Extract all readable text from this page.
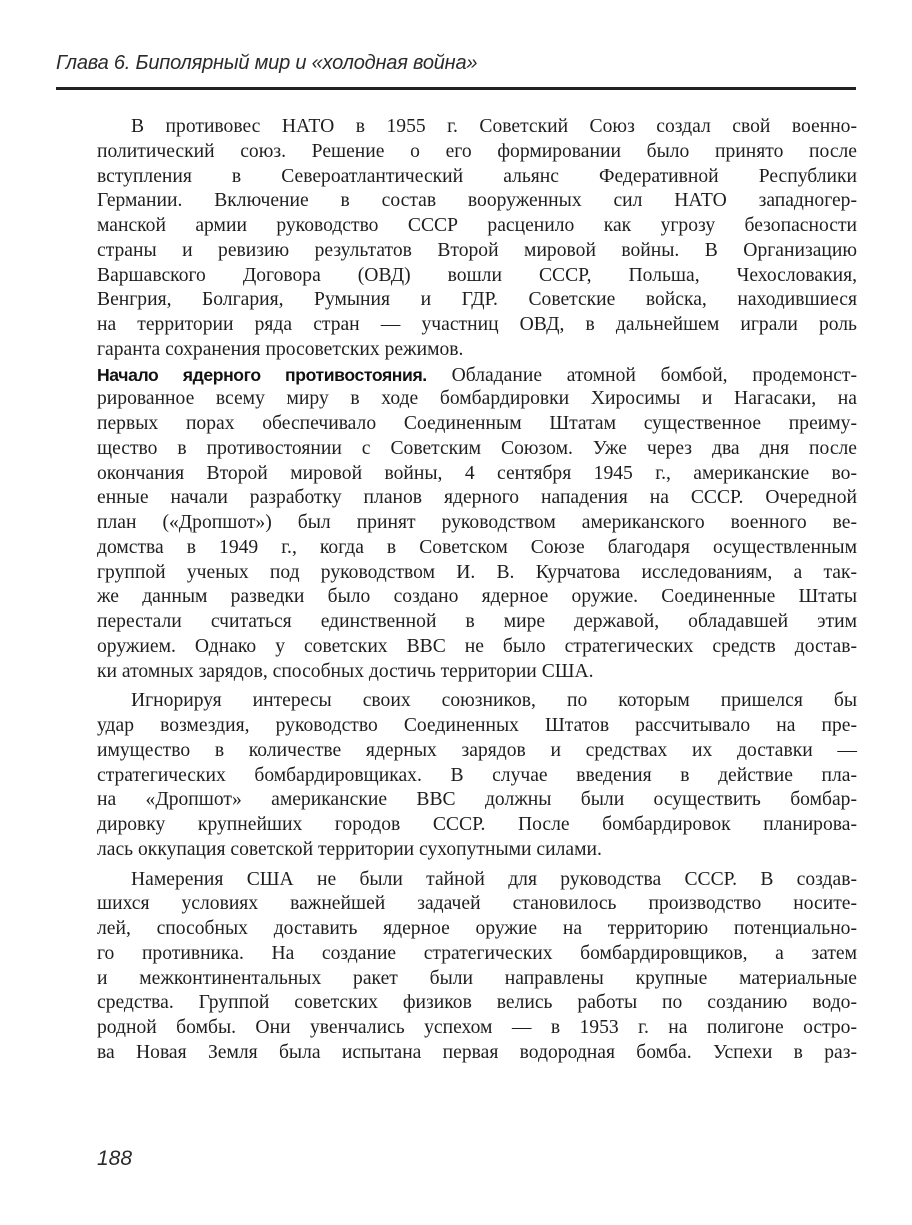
Глава 6. Биполярный мир и «холодная война»
В противовес НАТО в 1955 г. Советский Союз создал свой военно-
политический союз. Решение о его формировании было принято после
вступления в Североатлантический альянс Федеративной Республики
Германии. Включение в состав вооруженных сил НАТО западногер-
манской армии руководство СССР расценило как угрозу безопасности
страны и ревизию результатов Второй мировой войны. В Организацию
Варшавского Договора (ОВД) вошли СССР, Польша, Чехословакия,
Венгрия, Болгария, Румыния и ГДР. Советские войска, находившиеся
на территории ряда стран — участниц ОВД, в дальнейшем играли роль
гаранта сохранения просоветских режимов.
Начало ядерного противостояния. Обладание атомной бомбой, продемонст-
рированное всему миру в ходе бомбардировки Хиросимы и Нагасаки, на
первых порах обеспечивало Соединенным Штатам существенное преиму-
щество в противостоянии с Советским Союзом. Уже через два дня после
окончания Второй мировой войны, 4 сентября 1945 г., американские во-
енные начали разработку планов ядерного нападения на СССР. Очередной
план («Дропшот») был принят руководством американского военного ве-
домства в 1949 г., когда в Советском Союзе благодаря осуществленным
группой ученых под руководством И. В. Курчатова исследованиям, а так-
же данным разведки было создано ядерное оружие. Соединенные Штаты
перестали считаться единственной в мире державой, обладавшей этим
оружием. Однако у советских ВВС не было стратегических средств достав-
ки атомных зарядов, способных достичь территории США.
Игнорируя интересы своих союзников, по которым пришелся бы
удар возмездия, руководство Соединенных Штатов рассчитывало на пре-
имущество в количестве ядерных зарядов и средствах их доставки —
стратегических бомбардировщиках. В случае введения в действие пла-
на «Дропшот» американские ВВС должны были осуществить бомбар-
дировку крупнейших городов СССР. После бомбардировок планирова-
лась оккупация советской территории сухопутными силами.
Намерения США не были тайной для руководства СССР. В создав-
шихся условиях важнейшей задачей становилось производство носите-
лей, способных доставить ядерное оружие на территорию потенциально-
го противника. На создание стратегических бомбардировщиков, а затем
и межконтинентальных ракет были направлены крупные материальные
средства. Группой советских физиков велись работы по созданию водо-
родной бомбы. Они увенчались успехом — в 1953 г. на полигоне остро-
ва Новая Земля была испытана первая водородная бомба. Успехи в раз-
188
